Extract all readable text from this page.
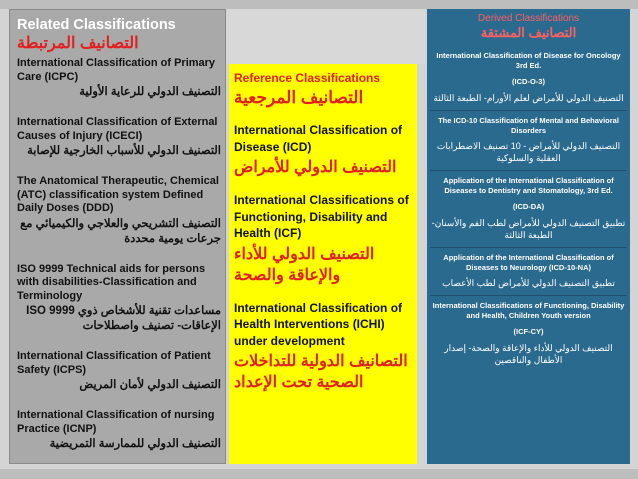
Related Classifications
التصانيف المرتبطة
International Classification of Primary Care (ICPC)
التصنيف الدولي للرعاية الأولية
International Classification of External Causes of Injury (ICECI)
التصنيف الدولي للأسباب الخارجية للإصابة
The Anatomical Therapeutic, Chemical (ATC) classification system Defined Daily Doses (DDD)
التصنيف التشريحي والعلاجي والكيميائي مع جرعات يومية محددة
ISO 9999 Technical aids for persons with disabilities-Classification and Terminology
مساعدات تقنية للأشخاص ذوي ISO 9999 الإعاقات- تصنيف واصطلاحات
International Classification of Patient Safety (ICPS)
التصنيف الدولي لأمان المريض
International Classification of nursing Practice (ICNP)
التصنيف الدولي للممارسة التمريضية
Reference Classifications
التصانيف المرجعية
International Classification of Disease (ICD)
التصنيف الدولي للأمراض
International Classifications of Functioning, Disability and Health (ICF)
التصنيف الدولي للأداء والإعاقة والصحة
International Classification of Health Interventions (ICHI) under development
التصانيف الدولية للتداخلات الصحية تحت الإعداد
Derived Classifications
التصانيف المشتقة
International Classification of Disease for Oncology 3rd Ed.
(ICD-O-3)
التصنيف الدولي للأمراض لعلم الأورام- الطبعة الثالثة
The ICD-10 Classification of Mental and Behavioral Disorders
التصنيف الدولي للأمراض - 10 تصنيف الاضطرابات العقلية والسلوكية
Application of the International Classification of Diseases to Dentistry and Stomatology, 3rd Ed.
(ICD-DA)
تطبيق التصنيف الدولي للأمراض لطب الفم والأسنان- الطبعة الثالثة
Application of the International Classification of Diseases to Neurology (ICD-10-NA)
تطبيق التصنيف الدولي للأمراض لطب الأعصاب
International Classifications of Functioning, Disability and Health, Children Youth version
(ICF-CY)
التصنيف الدولي للأداء والإعاقة والصحة- إصدار الأطفال والناقصين
